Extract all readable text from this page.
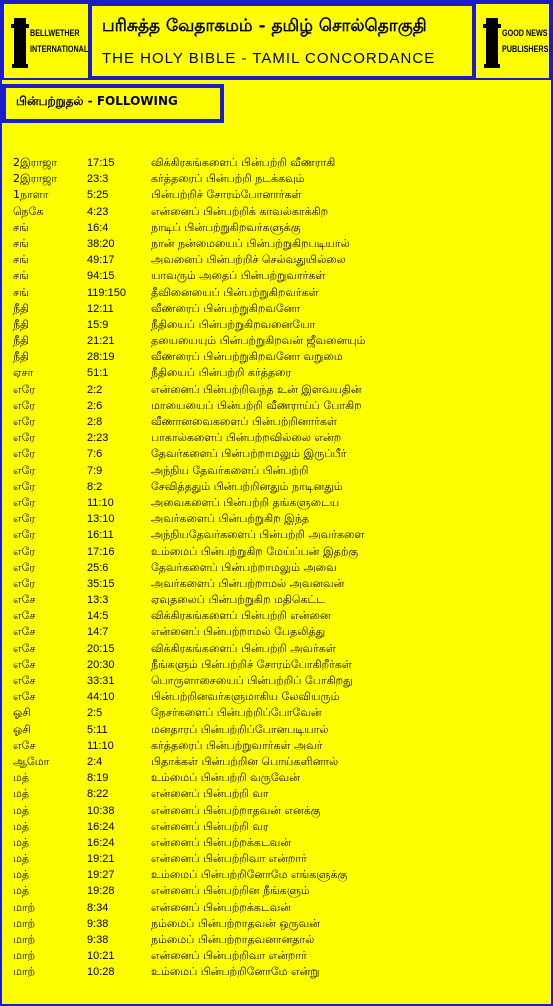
BELLWETHER
INTERNATIONAL
பரிசுத்த வேதாகமம் - தமிழ் சொல்தொகுதி
THE HOLY BIBLE - TAMIL CONCORDANCE
GOOD NEWS
PUBLISHERS
பின்பற்றுதல் - FOLLOWING
2இராஜா	17:15	விக்கிரகங்களைப் பின்பற்றி வீணராகி
2இராஜா	23:3	கர்த்தரைப் பின்பற்றி நடக்கவும்
1நாளா	5:25	பின்பற்றிச் சோரம்போனார்கள்
நெகே	4:23	என்னைப் பின்பற்றிக் காவல்காக்கிற
சங்	16:4	நாடிப் பின்பற்றுகிறவர்களுக்கு
சங்	38:20	நான் நன்மையைப் பின்பற்றுகிறபடியால்
சங்	49:17	அவனைப் பின்பற்றிச் செல்வதுயில்லை
சங்	94:15	யாவரும் அதைப் பின்பற்றுவார்கள்
சங்	119:150 தீவினையைப் பின்பற்றுகிறவர்கள்
நீதி	12:11	வீணரைப் பின்பற்றுகிறவனோ
நீதி	15:9	நீதியைப் பின்பற்றுகிறவனையோ
நீதி	21:21	தயையையும் பின்பற்றுகிறவன் ஜீவனையும்
நீதி	28:19	வீணரைப் பின்பற்றுகிறவனோ வறுமை
ஏசா	51:1	நீதியைப் பின்பற்றி கர்த்தரை
எரே	2:2	என்னைப் பின்பற்றிவந்த உன் இளவயதின்
எரே	2:6	மாயையைப் பின்பற்றி வீணராய்ப் போகிற
எரே	2:8	வீணானவைகளைப் பின்பற்றினார்கள்
எரே	2:23	பாகால்களைப் பின்பற்றவில்லை என்ற
எரே	7:6	தேவர்களைப் பின்பற்றாமலும் இருப்பீர்
எரே	7:9	அந்நிய தேவர்களைப் பின்பற்றி
எரே	8:2	சேவித்ததும் பின்பற்றினதும் நாடினதும்
எரே	11:10	அவைகளைப் பின்பற்றி தங்களுடைய
எரே	13:10	அவர்களைப் பின்பற்றுகிற இந்த
எரே	16:11	அந்நியதேவர்களைப் பின்பற்றி அவர்களை
எரே	17:16	உம்மைப் பின்பற்றுகிற மேய்ப்பன் இதற்கு
எரே	25:6	தேவர்களைப் பின்பற்றாமலும் அவை
எரே	35:15	அவர்களைப் பின்பற்றாமல் அவனவன்
எசே	13:3	ஏவுதலைப் பின்பற்றுகிற மதிகெட்ட
எசே	14:5	விக்கிரகங்களைப் பின்பற்றி என்னை
எசே	14:7	என்னைப் பின்பற்றாமல் பேதலித்து
எசே	20:15	விக்கிரகங்களைப் பின்பற்றி அவர்கள்
எசே	20:30	நீங்களும் பின்பற்றிச் சோரம்போகிறீர்கள்
எசே	33:31	பொருளாசையைப் பின்பற்றிப் போகிறது
எசே	44:10	பின்பற்றினவர்களுமாகிய லேவியரும்
ஓசி	2:5	நேசர்களைப் பின்பற்றிப்போவேன்
ஓசி	5:11	மனதாரப் பின்பற்றிப்போனபடியால்
எசே	11:10	கர்த்தரைப் பின்பற்றுவார்கள் அவர்
ஆமோ	2:4	பிதாக்கள் பின்பற்றின பொய்களினால்
மத்	8:19	உம்மைப் பின்பற்றி வருவேன்
மத்	8:22	என்னைப் பின்பற்றி வா
மத்	10:38	என்னைப் பின்பற்றாதவன் எனக்கு
மத்	16:24	என்னைப் பின்பற்றி வர
மத்	16:24	என்னைப் பின்பற்றக்கடவன்
மத்	19:21	என்னைப் பின்பற்றிவா என்றார்
மத்	19:27	உம்மைப் பின்பற்றினோமே எங்களுக்கு
மத்	19:28	என்னைப் பின்பற்றின நீங்களும்
மாற்	8:34	என்னைப் பின்பற்றக்கடவன்
மாற்	9:38	நம்மைப் பின்பற்றாதவன் ஒருவன்
மாற்	9:38	நம்மைப் பின்பற்றாதவனானதால்
மாற்	10:21	என்னைப் பின்பற்றிவா என்றார்
மாற்	10:28	உம்மைப் பின்பற்றினோமே என்று
